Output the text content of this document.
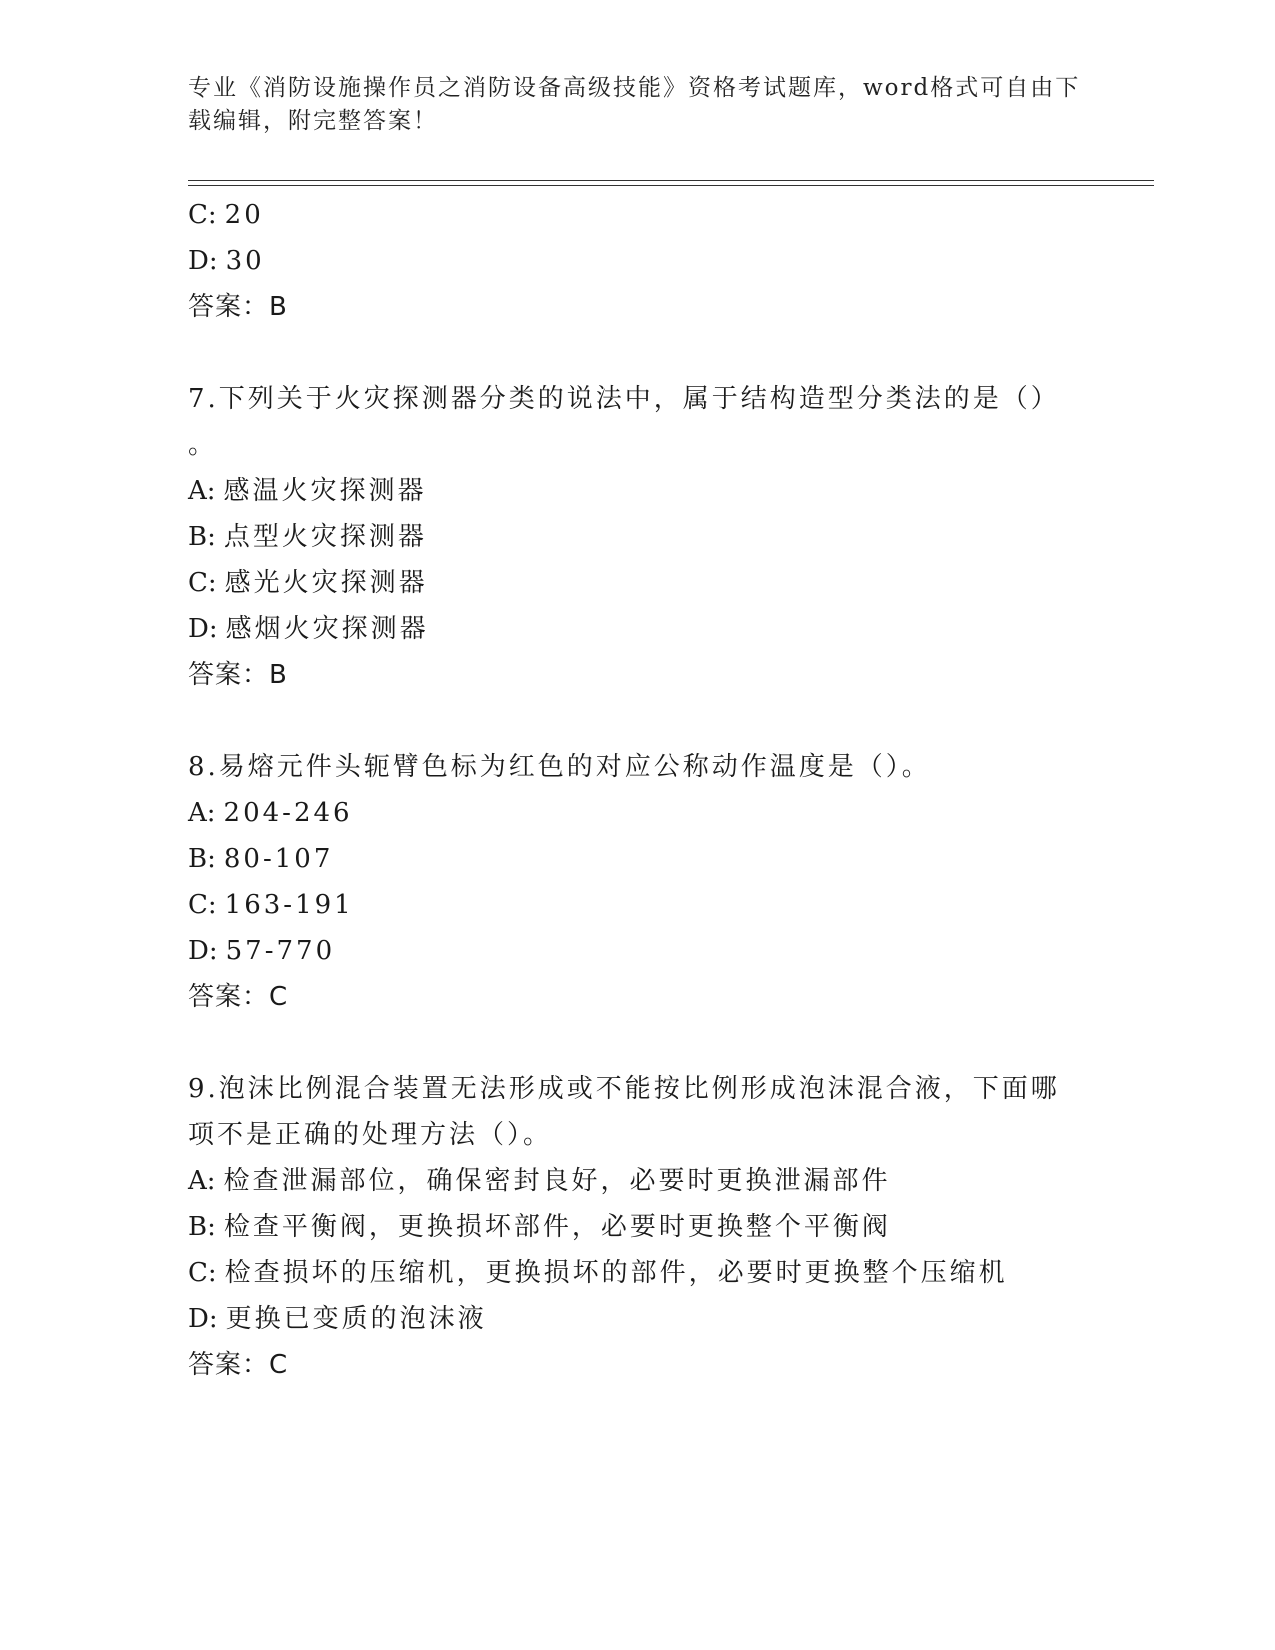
专业《消防设施操作员之消防设备高级技能》资格考试题库，word格式可自由下
载编辑，附完整答案！
C: 20
D: 30
答案：B
7.下列关于火灾探测器分类的说法中，属于结构造型分类法的是（）
。
A: 感温火灾探测器
B: 点型火灾探测器
C: 感光火灾探测器
D: 感烟火灾探测器
答案：B
8.易熔元件头轭臂色标为红色的对应公称动作温度是（）。
A: 204-246
B: 80-107
C: 163-191
D: 57-770
答案：C
9.泡沫比例混合装置无法形成或不能按比例形成泡沫混合液，下面哪
项不是正确的处理方法（）。
A: 检查泄漏部位，确保密封良好，必要时更换泄漏部件
B: 检查平衡阀，更换损坏部件，必要时更换整个平衡阀
C: 检查损坏的压缩机，更换损坏的部件，必要时更换整个压缩机
D: 更换已变质的泡沫液
答案：C
